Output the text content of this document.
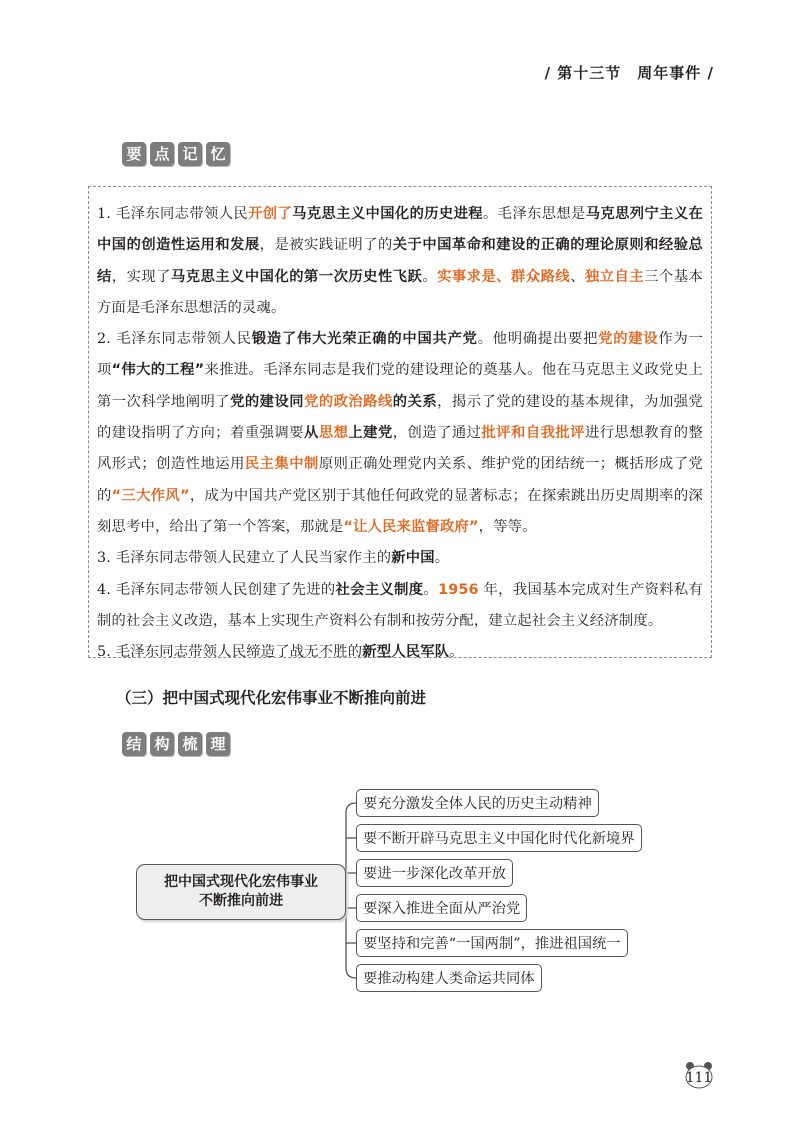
/ 第十三节　周年事件 /
要 点 记 忆

1. 毛泽东同志带领人民开创了马克思主义中国化的历史进程。毛泽东思想是马克思列宁主义在中国的创造性运用和发展，是被实践证明了的关于中国革命和建设的正确的理论原则和经验总结，实现了马克思主义中国化的第一次历史性飞跃。实事求是、群众路线、独立自主三个基本方面是毛泽东思想活的灵魂。

2. 毛泽东同志带领人民锻造了伟大光荣正确的中国共产党。他明确提出要把党的建设作为一项“伟大的工程”来推进。毛泽东同志是我们党的建设理论的奠基人。他在马克思主义政党史上第一次科学地阐明了党的建设同党的政治路线的关系，揭示了党的建设的基本规律，为加强党的建设指明了方向；着重强调要从思想上建党，创造了通过批评和自我批评进行思想教育的整风形式；创造性地运用民主集中制原则正确处理党内关系、维护党的团结统一；概括形成了党的“三大作风”，成为中国共产党区别于其他任何政党的显著标志；在探索跳出历史周期率的深刻思考中，给出了第一个答案，那就是“让人民来监督政府”，等等。

3. 毛泽东同志带领人民建立了人民当家作主的新中国。

4. 毛泽东同志带领人民创建了先进的社会主义制度。1956 年，我国基本完成对生产资料私有制的社会主义改造，基本上实现生产资料公有制和按劳分配，建立起社会主义经济制度。

5. 毛泽东同志带领人民缔造了战无不胜的新型人民军队。

（三）把中国式现代化宏伟事业不断推向前进
结 构 梳 理
把中国式现代化宏伟事业
不断推向前进
要充分激发全体人民的历史主动精神
要不断开辟马克思主义中国化时代化新境界
要进一步深化改革开放
要深入推进全面从严治党
要坚持和完善“一国两制”，推进祖国统一
要推动构建人类命运共同体
111
